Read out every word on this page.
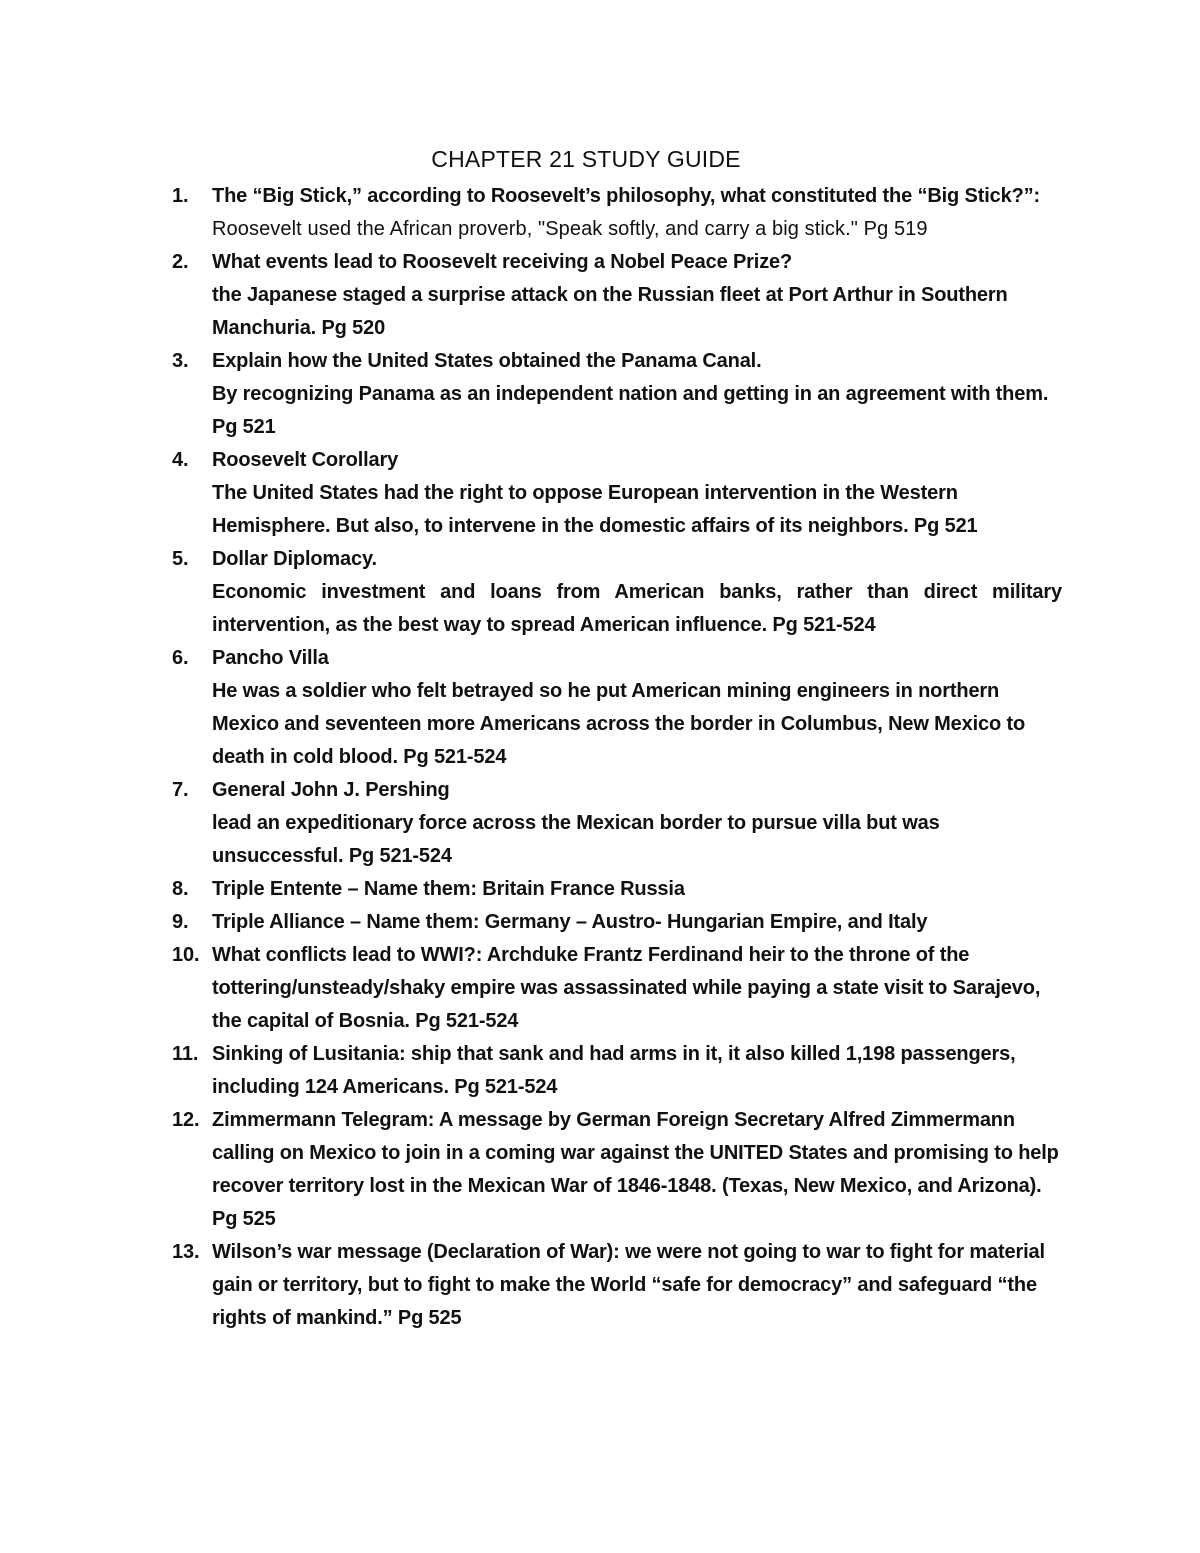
CHAPTER 21 STUDY GUIDE
1.	The “Big Stick,” according to Roosevelt’s philosophy, what constituted the “Big Stick?”:
Roosevelt used the African proverb, "Speak softly, and carry a big stick." Pg 519
2.	What events lead to Roosevelt receiving a Nobel Peace Prize?
the Japanese staged a surprise attack on the Russian fleet at Port Arthur in Southern Manchuria. Pg 520
3.	Explain how the United States obtained the Panama Canal.
By recognizing Panama as an independent nation and getting in an agreement with them. Pg 521
4.	Roosevelt Corollary
The United States had the right to oppose European intervention in the Western Hemisphere. But also, to intervene in the domestic affairs of its neighbors. Pg 521
5.	Dollar Diplomacy.
Economic investment and loans from American banks, rather than direct military intervention, as the best way to spread American influence. Pg 521-524
6.	Pancho Villa
He was a soldier who felt betrayed so he put American mining engineers in northern Mexico and seventeen more Americans across the border in Columbus, New Mexico to death in cold blood. Pg 521-524
7.	General John J. Pershing
lead an expeditionary force across the Mexican border to pursue villa but was unsuccessful. Pg 521-524
8.	Triple Entente – Name them: Britain France Russia
9.	Triple Alliance – Name them: Germany – Austro- Hungarian Empire, and Italy
10. What conflicts lead to WWI?: Archduke Frantz Ferdinand heir to the throne of the tottering/unsteady/shaky empire was assassinated while paying a state visit to Sarajevo, the capital of Bosnia. Pg 521-524
11. Sinking of Lusitania: ship that sank and had arms in it, it also killed 1,198 passengers, including 124 Americans. Pg 521-524
12. Zimmermann Telegram: A message by German Foreign Secretary Alfred Zimmermann calling on Mexico to join in a coming war against the UNITED States and promising to help recover territory lost in the Mexican War of 1846-1848. (Texas, New Mexico, and Arizona). Pg 525
13. Wilson’s war message (Declaration of War): we were not going to war to fight for material gain or territory, but to fight to make the World “safe for democracy” and safeguard “the rights of mankind.” Pg 525
